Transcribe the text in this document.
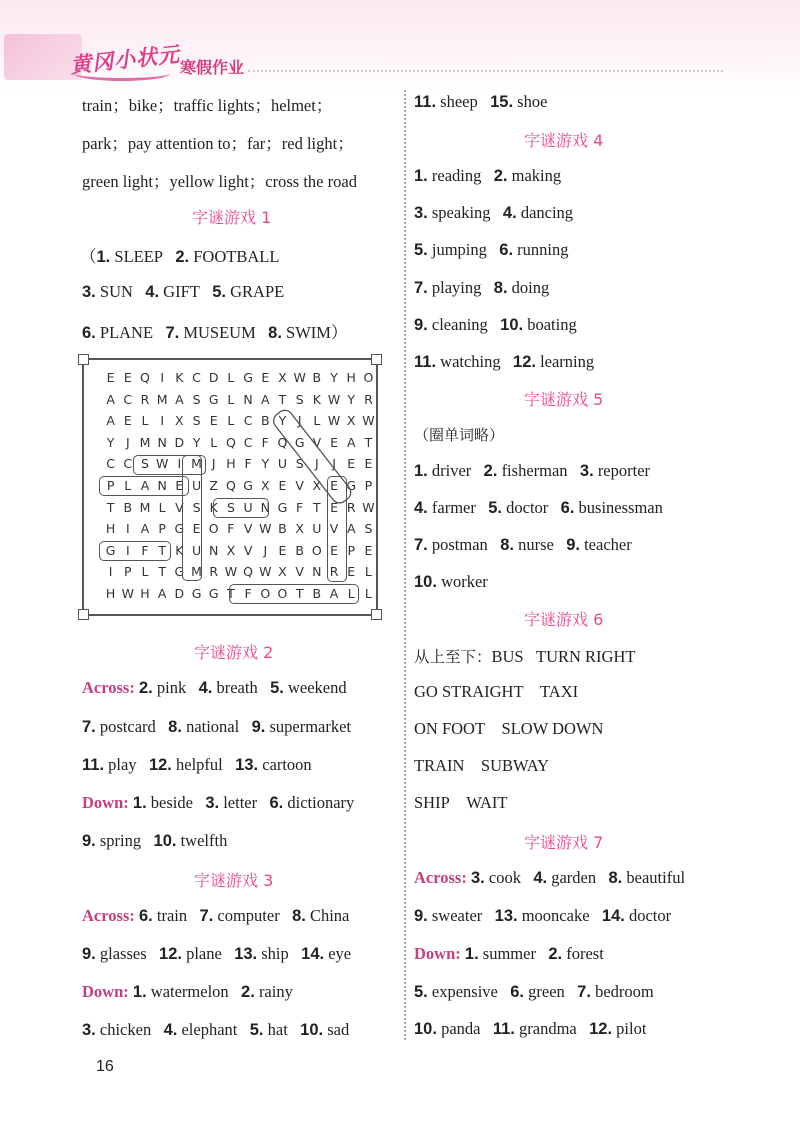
黄冈小状元
寒假作业
train；bike；traffic lights；helmet；
park；pay attention to；far；red light；
green light；yellow light；cross the road
字谜游戏 1
（1. SLEEP 2. FOOTBALL
3. SUN 4. GIFT 5. GRAPE
6. PLANE 7. MUSEUM 8. SWIM）
E E Q I K C D L G E X W B Y H O
A C R M A S G L N A T S K W Y R
A E L I X S E L C B Y J L W X W
Y J M N D Y L Q C F Q G V E A T
C C S W I M J H F Y U S J J E E
P L A N E U Z Q G X E V X E G P
T B M L V S K S U N G F T E R W
H I A P G E O F V W B X U V A S
G I F T K U N X V J E B O E P E
I P L T G M R W Q W X V N R E L
H W H A D G G T F O O T B A L L
字谜游戏 2
Across: 2. pink 4. breath 5. weekend
7. postcard 8. national 9. supermarket
11. play 12. helpful 13. cartoon
Down: 1. beside 3. letter 6. dictionary
9. spring 10. twelfth
字谜游戏 3
Across: 6. train 7. computer 8. China
9. glasses 12. plane 13. ship 14. eye
Down: 1. watermelon 2. rainy
3. chicken 4. elephant 5. hat 10. sad
11. sheep 15. shoe
字谜游戏 4
1. reading 2. making
3. speaking 4. dancing
5. jumping 6. running
7. playing 8. doing
9. cleaning 10. boating
11. watching 12. learning
字谜游戏 5
（圈单词略）
1. driver 2. fisherman 3. reporter
4. farmer 5. doctor 6. businessman
7. postman 8. nurse 9. teacher
10. worker
字谜游戏 6
从上至下：BUS TURN RIGHT
GO STRAIGHT TAXI
ON FOOT SLOW DOWN
TRAIN SUBWAY
SHIP WAIT
字谜游戏 7
Across: 3. cook 4. garden 8. beautiful
9. sweater 13. mooncake 14. doctor
Down: 1. summer 2. forest
5. expensive 6. green 7. bedroom
10. panda 11. grandma 12. pilot
16
